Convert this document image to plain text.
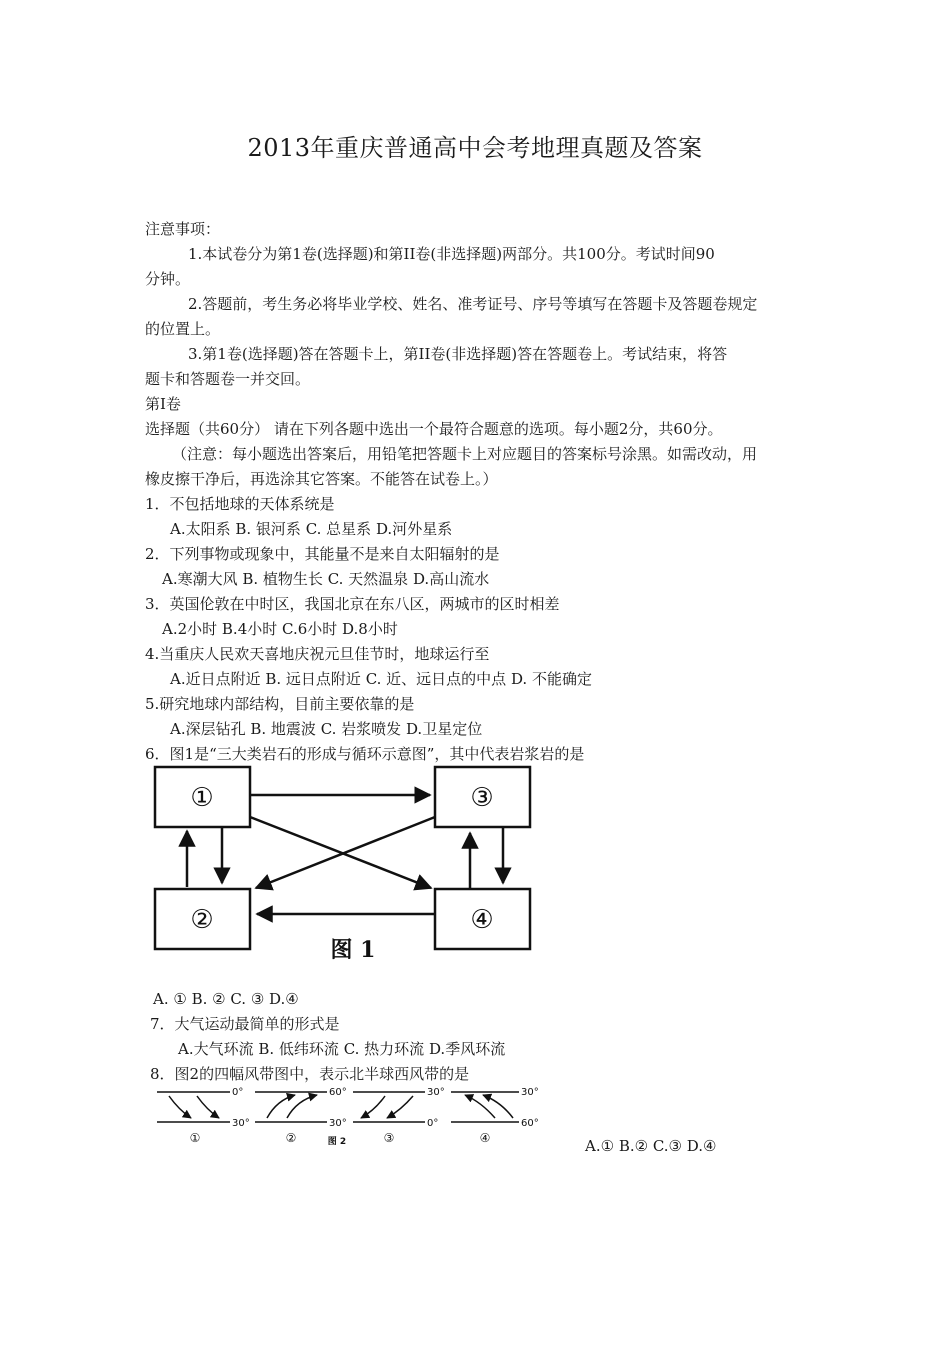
2013年重庆普通高中会考地理真题及答案
注意事项：
1.本试卷分为第1卷(选择题)和第II卷(非选择题)两部分。共100分。考试时间90
分钟。
2.答题前，考生务必将毕业学校、姓名、准考证号、序号等填写在答题卡及答题卷规定
的位置上。
3.第1卷(选择题)答在答题卡上，第II卷(非选择题)答在答题卷上。考试结束，将答
题卡和答题卷一并交回。
第Ⅰ卷
选择题（共60分） 请在下列各题中选出一个最符合题意的选项。每小题2分，共60分。
（注意：每小题选出答案后，用铅笔把答题卡上对应题目的答案标号涂黑。如需改动，用
橡皮擦干净后，再选涂其它答案。不能答在试卷上。）
1．不包括地球的天体系统是
A.太阳系 B. 银河系 C. 总星系 D.河外星系
2．下列事物或现象中，其能量不是来自太阳辐射的是
A.寒潮大风 B. 植物生长 C. 天然温泉 D.高山流水
3．英国伦敦在中时区，我国北京在东八区，两城市的区时相差
A.2小时 B.4小时 C.6小时 D.8小时
4.当重庆人民欢天喜地庆祝元旦佳节时，地球运行至
A.近日点附近 B. 远日点附近 C. 近、远日点的中点 D. 不能确定
5.研究地球内部结构，目前主要依靠的是
A.深层钻孔 B. 地震波 C. 岩浆喷发 D.卫星定位
6．图1是“三大类岩石的形成与循环示意图”，其中代表岩浆岩的是
①	③
②	④
图 1
A. ① B. ② C. ③ D.④
7．大气运动最简单的形式是
A.大气环流 B. 低纬环流 C. 热力环流 D.季风环流
8．图2的四幅风带图中，表示北半球西风带的是
0°
30°
60°
30°
30°
0°
30°
60°
①	②	③	④
图 2	A.① B.② C.③ D.④
